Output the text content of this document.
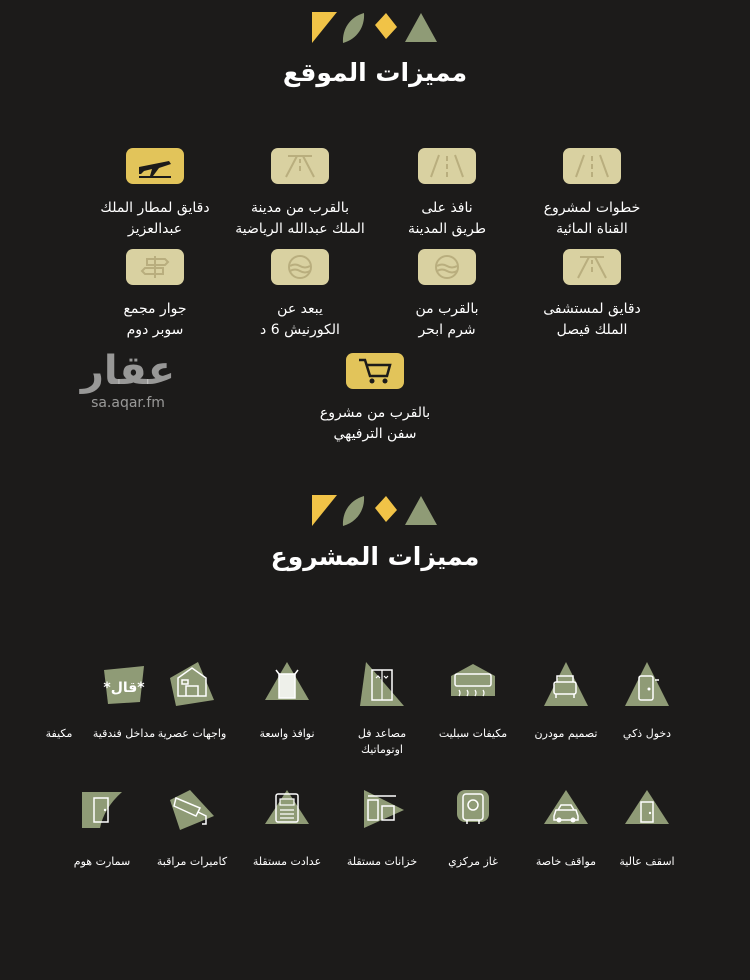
مميزات الموقع
خطوات لمشروع
القناة المائية
نافذ على
طريق المدينة
بالقرب من مدينة
الملك عبدالله الرياضية
دقايق لمطار الملك
عبدالعزيز
دقايق لمستشفى
الملك فيصل
بالقرب من
شرم ابحر
يبعد عن
الكورنيش 6 د
جوار مجمع
سوبر دوم
بالقرب من مشروع
سفن الترفيهي
عقار
sa.aqar.fm
مميزات المشروع
دخول ذكي
تصميم مودرن
مكيفات سبليت
مصاعد فل
اوتوماتيك
نوافذ واسعة
واجهات عصرية
*قال*
مداخل فندقية
مكيفة
اسقف عالية
مواقف خاصة
غاز مركزي
خزانات مستقلة
عدادت مستقلة
كاميرات مراقبة
سمارت هوم
